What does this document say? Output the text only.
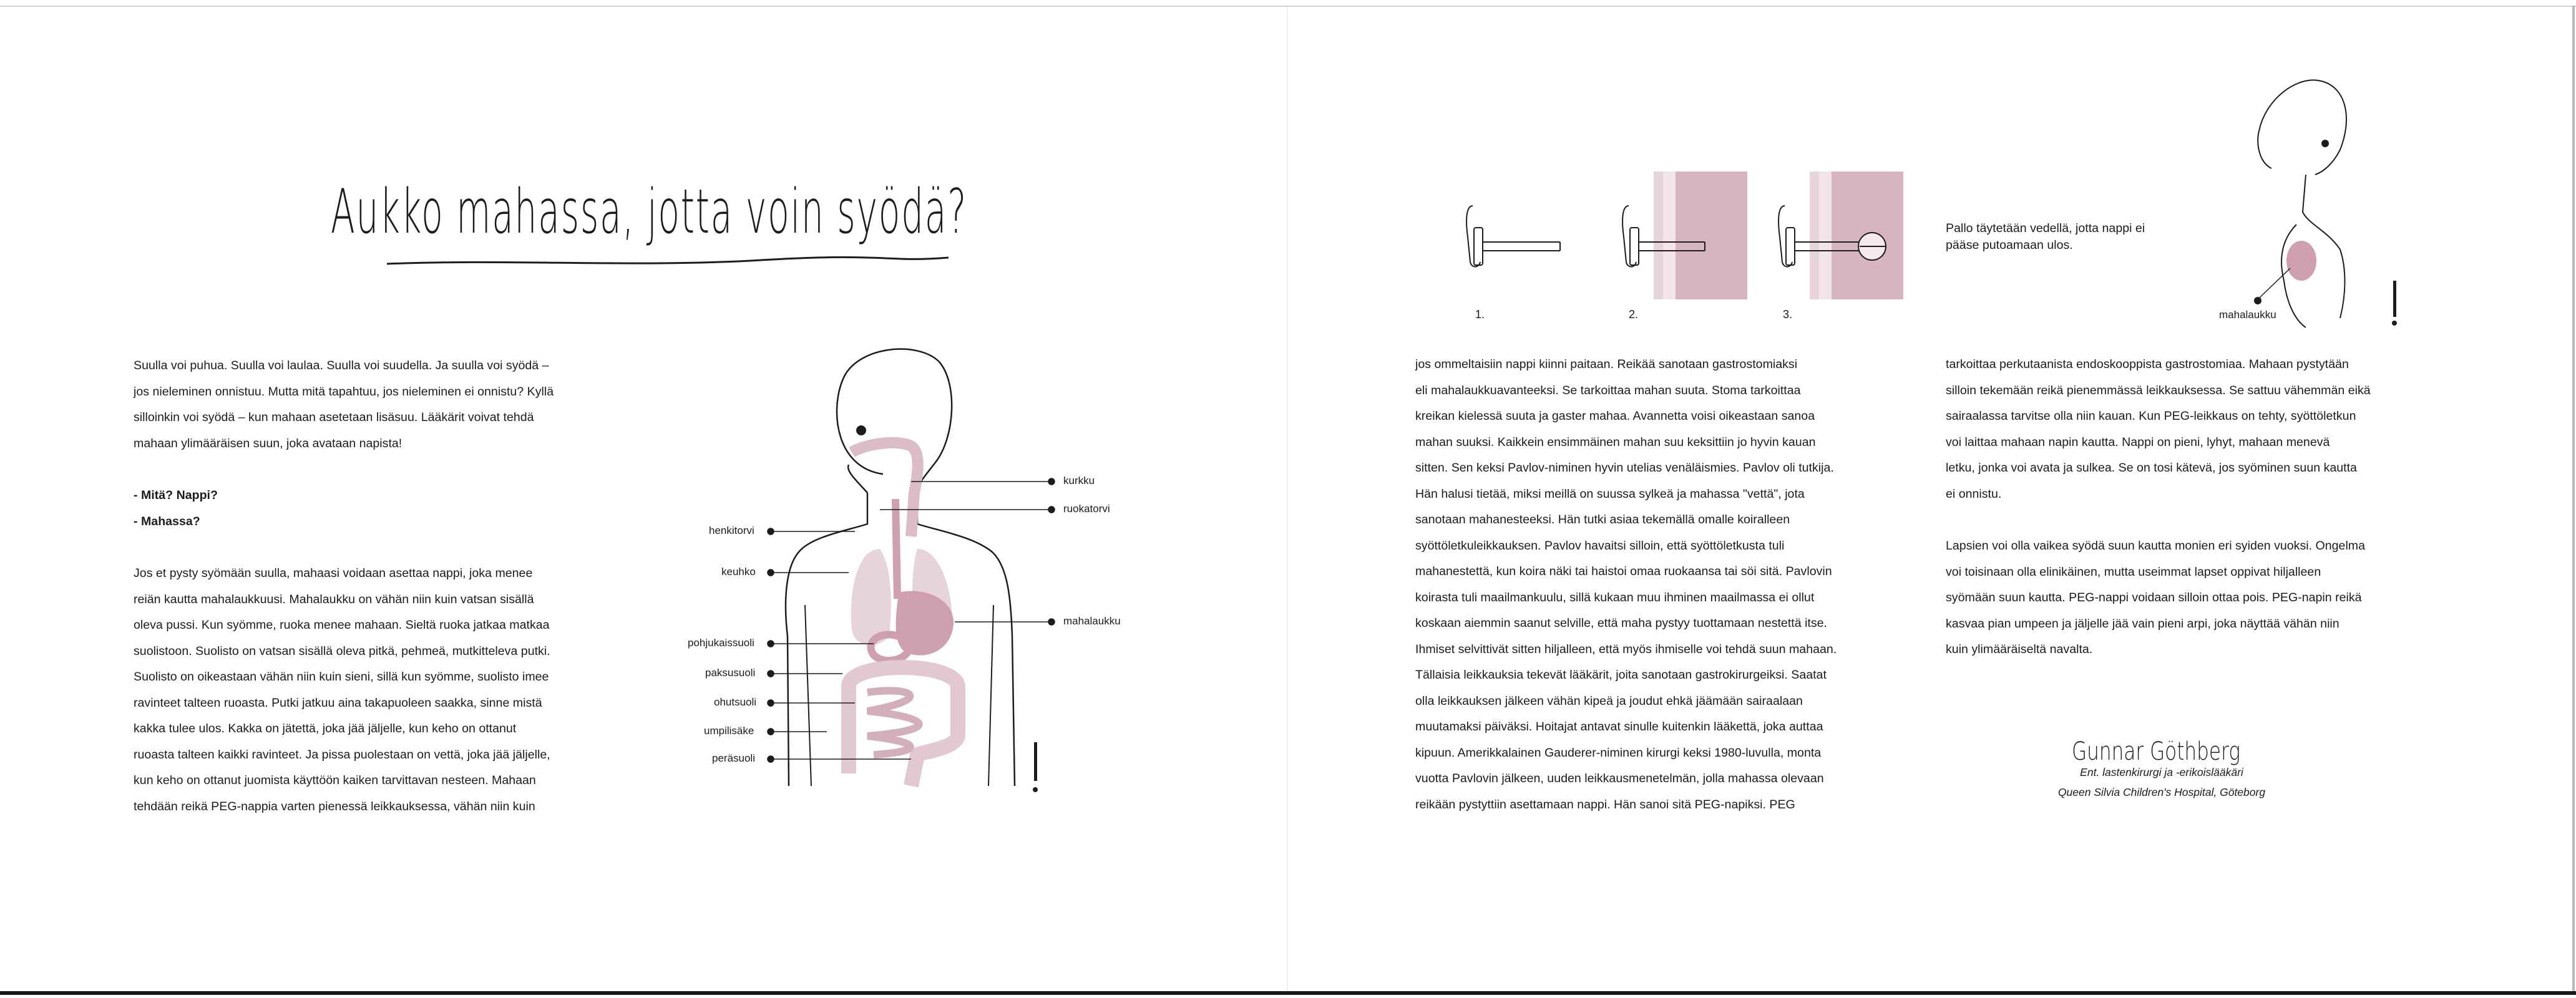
Aukko mahassa, jotta voin syödä?

Suulla voi puhua. Suulla voi laulaa. Suulla voi suudella. Ja suulla voi syödä –

jos nieleminen onnistuu. Mutta mitä tapahtuu, jos nieleminen ei onnistu? Kyllä

silloinkin voi syödä – kun mahaan asetetaan lisäsuu. Lääkärit voivat tehdä

mahaan ylimääräisen suun, joka avataan napista!

- Mitä? Nappi?

- Mahassa?

Jos et pysty syömään suulla, mahaasi voidaan asettaa nappi, joka menee

reiän kautta mahalaukkuusi. Mahalaukku on vähän niin kuin vatsan sisällä

oleva pussi. Kun syömme, ruoka menee mahaan. Sieltä ruoka jatkaa matkaa

suolistoon. Suolisto on vatsan sisällä oleva pitkä, pehmeä, mutkitteleva putki.

Suolisto on oikeastaan vähän niin kuin sieni, sillä kun syömme, suolisto imee

ravinteet talteen ruoasta. Putki jatkuu aina takapuoleen saakka, sinne mistä

kakka tulee ulos. Kakka on jätettä, joka jää jäljelle, kun keho on ottanut

ruoasta talteen kaikki ravinteet. Ja pissa puolestaan on vettä, joka jää jäljelle,

kun keho on ottanut juomista käyttöön kaiken tarvittavan nesteen. Mahaan

tehdään reikä PEG-nappia varten pienessä leikkauksessa, vähän niin kuin

henkitorvi
keuhko
pohjukaissuoli
paksusuoli
ohutsuoli
umpilisäke
peräsuoli
kurkku
ruokatorvi
mahalaukku
1.	2.	3.
Pallo täytetään vedellä, jotta nappi ei pääse putoamaan ulos.
mahalaukku

jos ommeltaisiin nappi kiinni paitaan. Reikää sanotaan gastrostomiaksi

eli mahalaukkuavanteeksi. Se tarkoittaa mahan suuta. Stoma tarkoittaa

kreikan kielessä suuta ja gaster mahaa. Avannetta voisi oikeastaan sanoa

mahan suuksi. Kaikkein ensimmäinen mahan suu keksittiin jo hyvin kauan

sitten. Sen keksi Pavlov-niminen hyvin utelias venäläismies. Pavlov oli tutkija.

Hän halusi tietää, miksi meillä on suussa sylkeä ja mahassa "vettä", jota

sanotaan mahanesteeksi. Hän tutki asiaa tekemällä omalle koiralleen

syöttöletkuleikkauksen. Pavlov havaitsi silloin, että syöttöletkusta tuli

mahanestettä, kun koira näki tai haistoi omaa ruokaansa tai söi sitä. Pavlovin

koirasta tuli maailmankuulu, sillä kukaan muu ihminen maailmassa ei ollut

koskaan aiemmin saanut selville, että maha pystyy tuottamaan nestettä itse.

Ihmiset selvittivät sitten hiljalleen, että myös ihmiselle voi tehdä suun mahaan.

Tällaisia leikkauksia tekevät lääkärit, joita sanotaan gastrokirurgeiksi. Saatat

olla leikkauksen jälkeen vähän kipeä ja joudut ehkä jäämään sairaalaan

muutamaksi päiväksi. Hoitajat antavat sinulle kuitenkin lääkettä, joka auttaa

kipuun. Amerikkalainen Gauderer-niminen kirurgi keksi 1980-luvulla, monta

vuotta Pavlovin jälkeen, uuden leikkausmenetelmän, jolla mahassa olevaan

reikään pystyttiin asettamaan nappi. Hän sanoi sitä PEG-napiksi. PEG

tarkoittaa perkutaanista endoskooppista gastrostomiaa. Mahaan pystytään

silloin tekemään reikä pienemmässä leikkauksessa. Se sattuu vähemmän eikä

sairaalassa tarvitse olla niin kauan. Kun PEG-leikkaus on tehty, syöttöletkun

voi laittaa mahaan napin kautta. Nappi on pieni, lyhyt, mahaan menevä

letku, jonka voi avata ja sulkea. Se on tosi kätevä, jos syöminen suun kautta

ei onnistu.

Lapsien voi olla vaikea syödä suun kautta monien eri syiden vuoksi. Ongelma

voi toisinaan olla elinikäinen, mutta useimmat lapset oppivat hiljalleen

syömään suun kautta. PEG-nappi voidaan silloin ottaa pois. PEG-napin reikä

kasvaa pian umpeen ja jäljelle jää vain pieni arpi, joka näyttää vähän niin

kuin ylimääräiseltä navalta.

Gunnar Göthberg
Ent. lastenkirurgi ja -erikoislääkäri
Queen Silvia Children's Hospital, Göteborg
